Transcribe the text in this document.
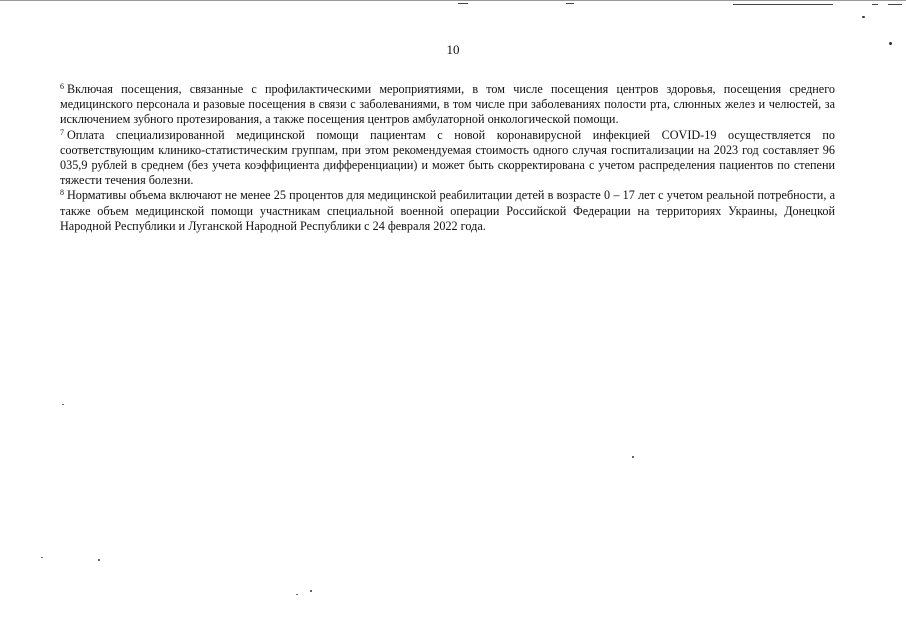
10

$^6$ Включая посещения, связанные с профилактическими мероприятиями, в том числе посещения центров здоровья, посещения среднего медицинского персонала и разовые посещения в связи с заболеваниями, в том числе при заболеваниях полости рта, слюнных желез и челюстей, за исключением зубного протезирования, а также посещения центров амбулаторной онкологической помощи.

$^7$ Оплата специализированной медицинской помощи пациентам с новой коронавирусной инфекцией COVID-19 осуществляется по соответствующим клинико-статистическим группам, при этом рекомендуемая стоимость одного случая госпитализации на 2023 год составляет 96 035,9 рублей в среднем (без учета коэффициента дифференциации) и может быть скорректирована с учетом распределения пациентов по степени тяжести течения болезни.

$^8$ Нормативы объема включают не менее 25 процентов для медицинской реабилитации детей в возрасте 0 – 17 лет с учетом реальной потребности, а также объем медицинской помощи участникам специальной военной операции Российской Федерации на территориях Украины, Донецкой Народной Республики и Луганской Народной Республики с 24 февраля 2022 года.
